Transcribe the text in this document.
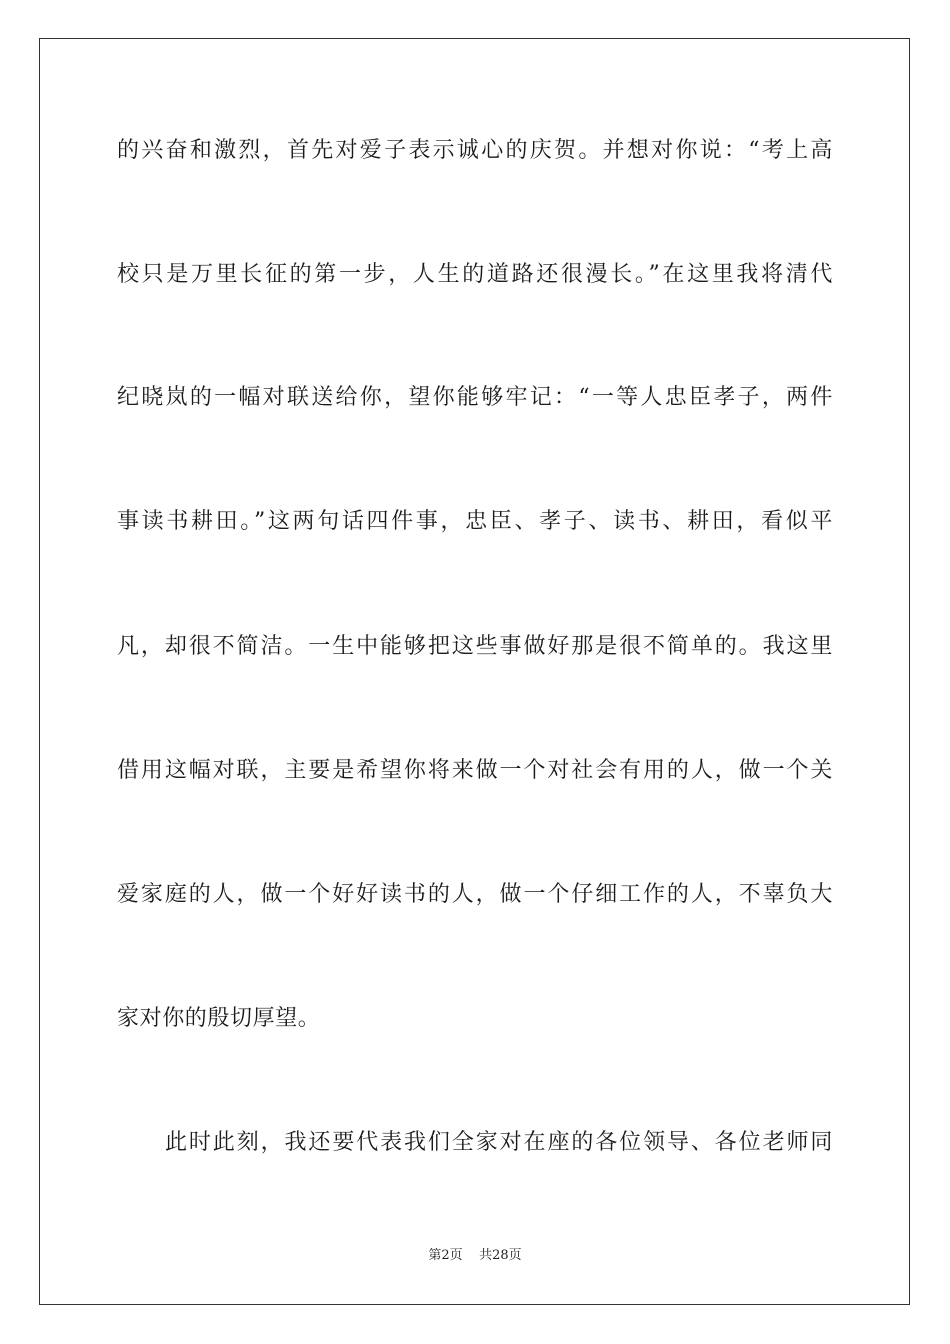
的兴奋和激烈，首先对爱子表示诚心的庆贺。并想对你说：“考上高
校只是万里长征的第一步，人生的道路还很漫长。”在这里我将清代
纪晓岚的一幅对联送给你，望你能够牢记：“一等人忠臣孝子，两件
事读书耕田。”这两句话四件事，忠臣、孝子、读书、耕田，看似平
凡，却很不简洁。一生中能够把这些事做好那是很不简单的。我这里
借用这幅对联，主要是希望你将来做一个对社会有用的人，做一个关
爱家庭的人，做一个好好读书的人，做一个仔细工作的人，不辜负大
家对你的殷切厚望。
此时此刻，我还要代表我们全家对在座的各位领导、各位老师同
第2页 共28页
